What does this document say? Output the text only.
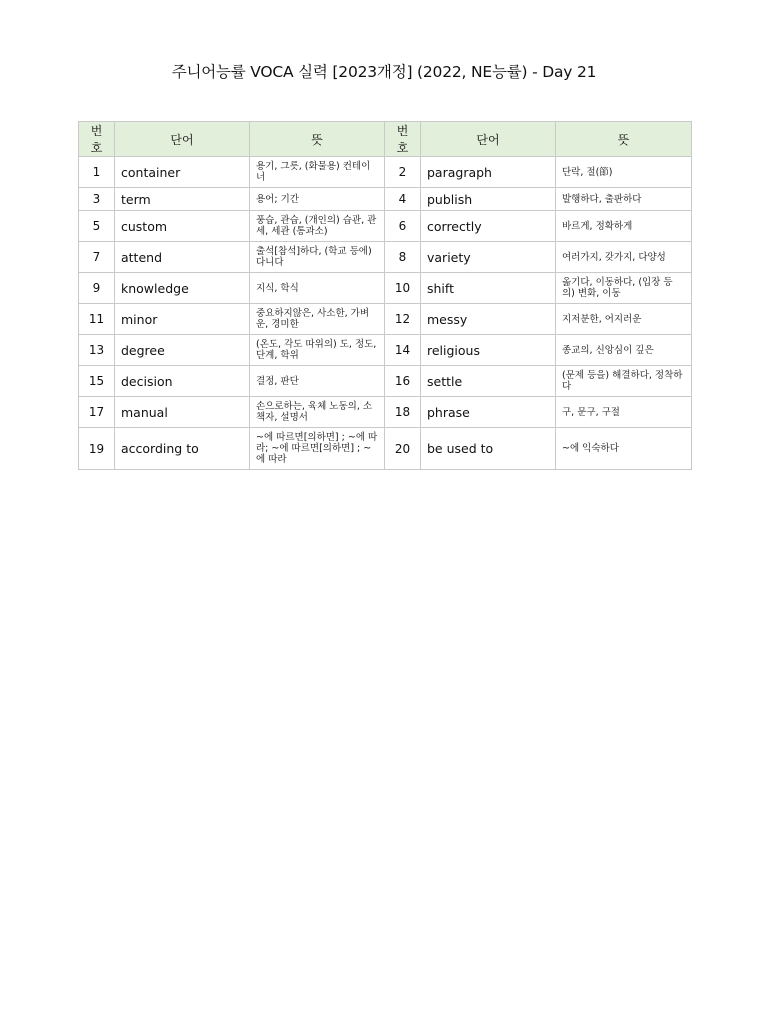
주니어능률 VOCA 실력 [2023개정] (2022, NE능률) - Day 21
번호	단어	뜻	번호	단어	뜻
1	container	용기, 그릇, (화물용) 컨테이너	2	paragraph	단락, 절(節)
3	term	용어; 기간	4	publish	발행하다, 출판하다
5	custom	풍습, 관습, (개인의) 습관, 관세, 세관 (통과소)	6	correctly	바르게, 정확하게
7	attend	출석[참석]하다, (학교 등에) 다니다	8	variety	여러가지, 갖가지, 다양성
9	knowledge	지식, 학식	10	shift	옮기다, 이동하다, (입장 등의) 변화, 이동
11	minor	중요하지않은, 사소한, 가벼운, 경미한	12	messy	지저분한, 어지러운
13	degree	(온도, 각도 따위의) 도, 정도, 단계, 학위	14	religious	종교의, 신앙심이 깊은
15	decision	결정, 판단	16	settle	(문제 등을) 해결하다, 정착하다
17	manual	손으로하는, 육체 노동의, 소책자, 설명서	18	phrase	구, 문구, 구절
19	according to	~에 따르면[의하면] ; ~에 따라; ~에 따르면[의하면] ; ~에 따라	20	be used to	~에 익숙하다
